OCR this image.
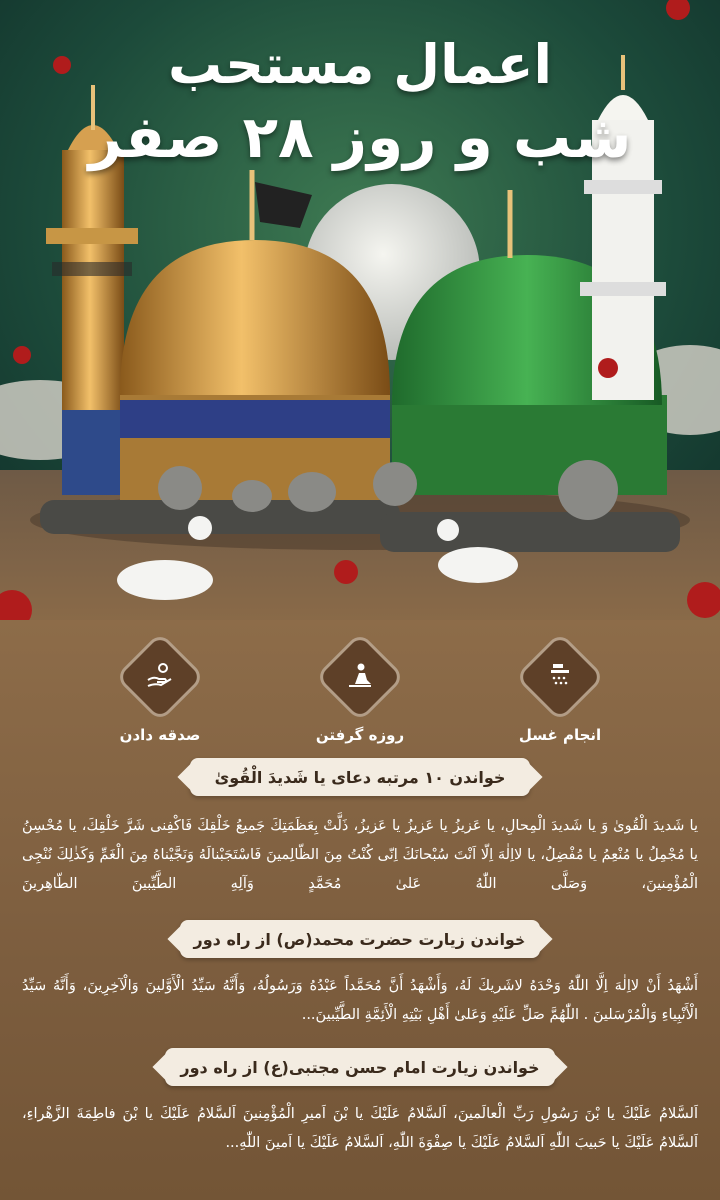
اعمال مستحب
شب و روز ۲۸ صفر
انجام غسل
روزه گرفتن
صدقه دادن
خواندن ۱۰ مرتبه دعای یا شَدیدَ الْقُویٰ
یا شَدیدَ الْقُویٰ وَ یا شَدیدَ الْمِحالِ، یا عَزیزُ یا عَزیزُ یا عَزیزُ، ذَلَّتْ بِعَظَمَتِكَ جَمیعُ خَلْقِكَ فَاكْفِنی شَرَّ خَلْقِكَ، یا مُحْسِنُ یا مُجْمِلُ یا مُنْعِمُ یا مُفْضِلُ، یا لااِلٰهَ اِلّا اَنْتَ سُبْحانَكَ اِنّی كُنْتُ مِنَ الظّالِمینَ فَاسْتَجَبْنالَهُ وَنَجَّیْناهُ مِنَ الْغَمِّ وَكَذٰلِكَ نُنْجِی الْمُؤْمِنینَ، وَصَلَّی اللّٰهُ عَلیٰ مُحَمَّدٍ وَآلِهِ الطَّیِّبینَ الطّاهِرینَ
خواندن زیارت حضرت محمد(ص) از راه دور
أَشْهَدُ أَنْ لااِلٰهَ اِلَّا اللّٰهُ وَحْدَهُ لاشَریكَ لَهُ، وَأَشْهَدُ أَنَّ مُحَمَّداً عَبْدُهُ وَرَسُولُهُ، وَأَنَّهُ سَیِّدُ الْأَوَّلینَ وَالْآخِرِینَ، وَأَنَّهُ سَیِّدُ الْأَنْبِیاءِ وَالْمُرْسَلینَ . اللّٰهُمَّ صَلِّ عَلَیْهِ وَعَلیٰ أَهْلِ بَیْتِهِ الْأَئِمَّةِ الطَّیِّبینَ...
خواندن زیارت امام حسن مجتبی(ع) از راه دور
اَلسَّلامُ عَلَیْكَ یا بْنَ رَسُولِ رَبِّ الْعالَمینَ، اَلسَّلامُ عَلَیْكَ یا بْنَ اَمیرِ الْمُؤْمِنینَ اَلسَّلامُ عَلَیْكَ یا بْنَ فاطِمَةَ الزَّهْراءِ، اَلسَّلامُ عَلَیْكَ یا حَبیبَ اللّٰهِ اَلسَّلامُ عَلَیْكَ یا صِفْوَةَ اللّٰهِ، اَلسَّلامُ عَلَیْكَ یا اَمینَ اللّٰهِ...
